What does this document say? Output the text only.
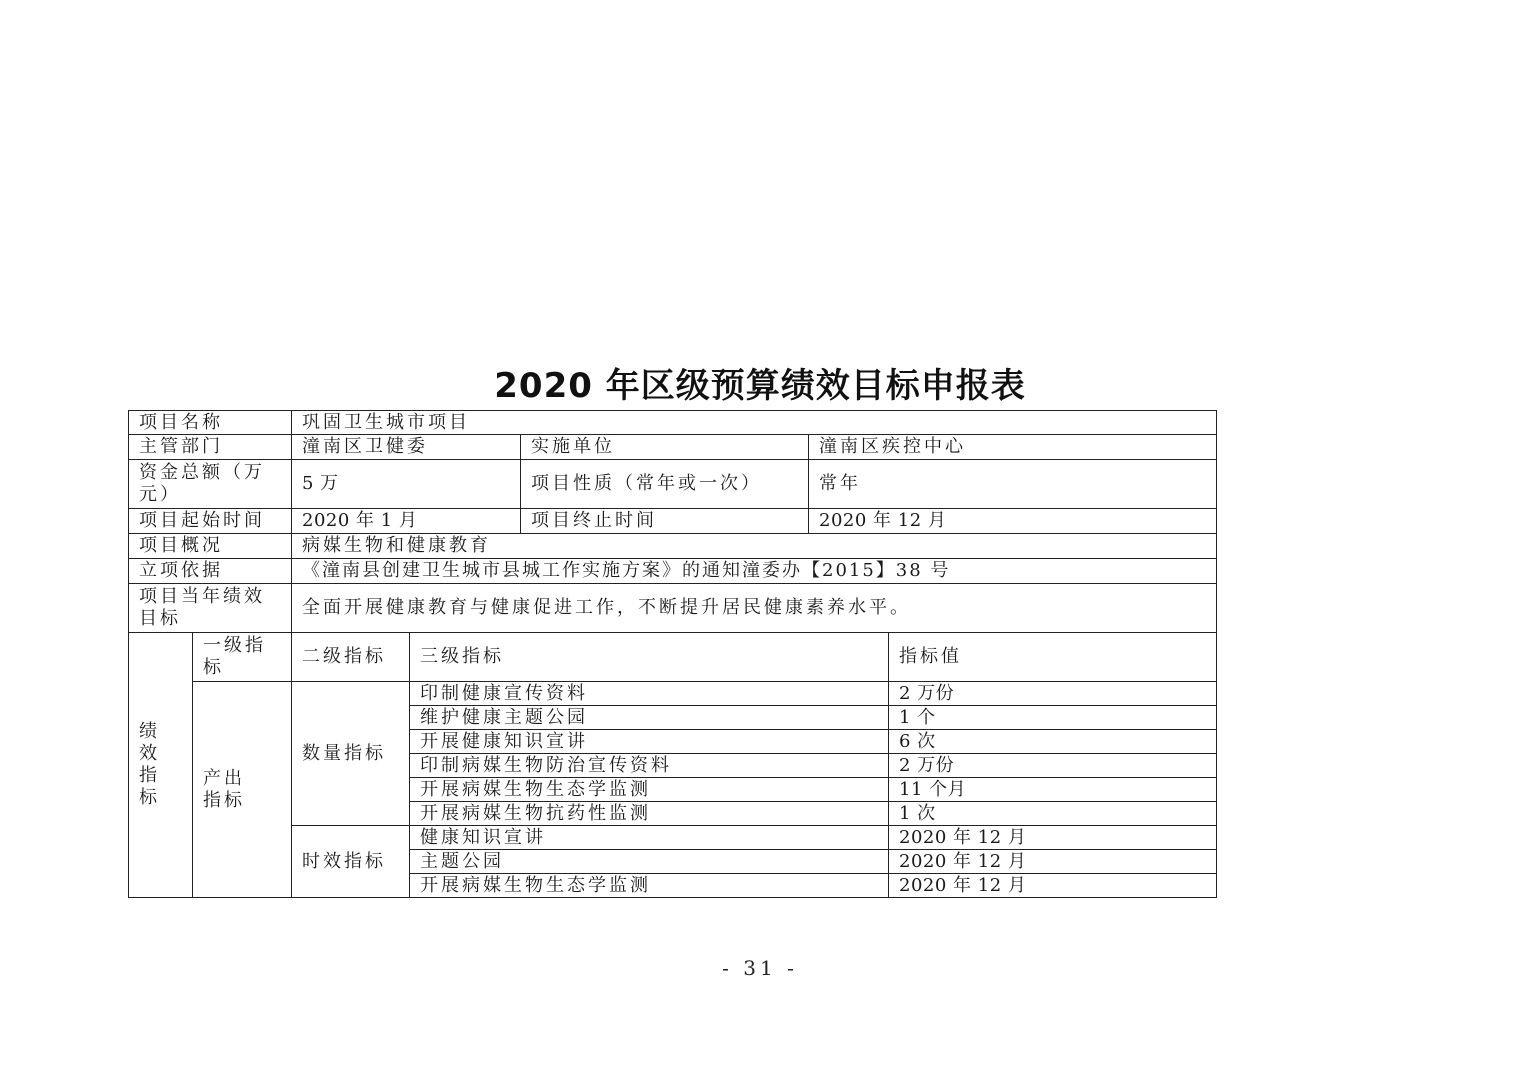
2020 年区级预算绩效目标申报表
项目名称		巩固卫生城市项目				
主管部门		潼南区卫健委		实施单位	潼南区疾控中心	
资金总额（万元）		5 万		项目性质（常年或一次）	常年	
项目起始时间		2020 年 1 月		项目终止时间	2020 年 12 月	
项目概况		病媒生物和健康教育				
立项依据		《潼南县创建卫生城市县城工作实施方案》的通知潼委办【2015】38 号				
项目当年绩效目标		全面开展健康教育与健康促进工作，不断提升居民健康素养水平。				
绩效指标	一级指标	二级指标	三级指标			指标值
	产出指标	数量指标	印制健康宣传资料			2 万份
			维护健康主题公园			1 个
			开展健康知识宣讲			6 次
			印制病媒生物防治宣传资料			2 万份
			开展病媒生物生态学监测			11 个月
			开展病媒生物抗药性监测			1 次
		时效指标	健康知识宣讲			2020 年 12 月
			主题公园			2020 年 12 月
			开展病媒生物生态学监测			2020 年 12 月
- 31 -
